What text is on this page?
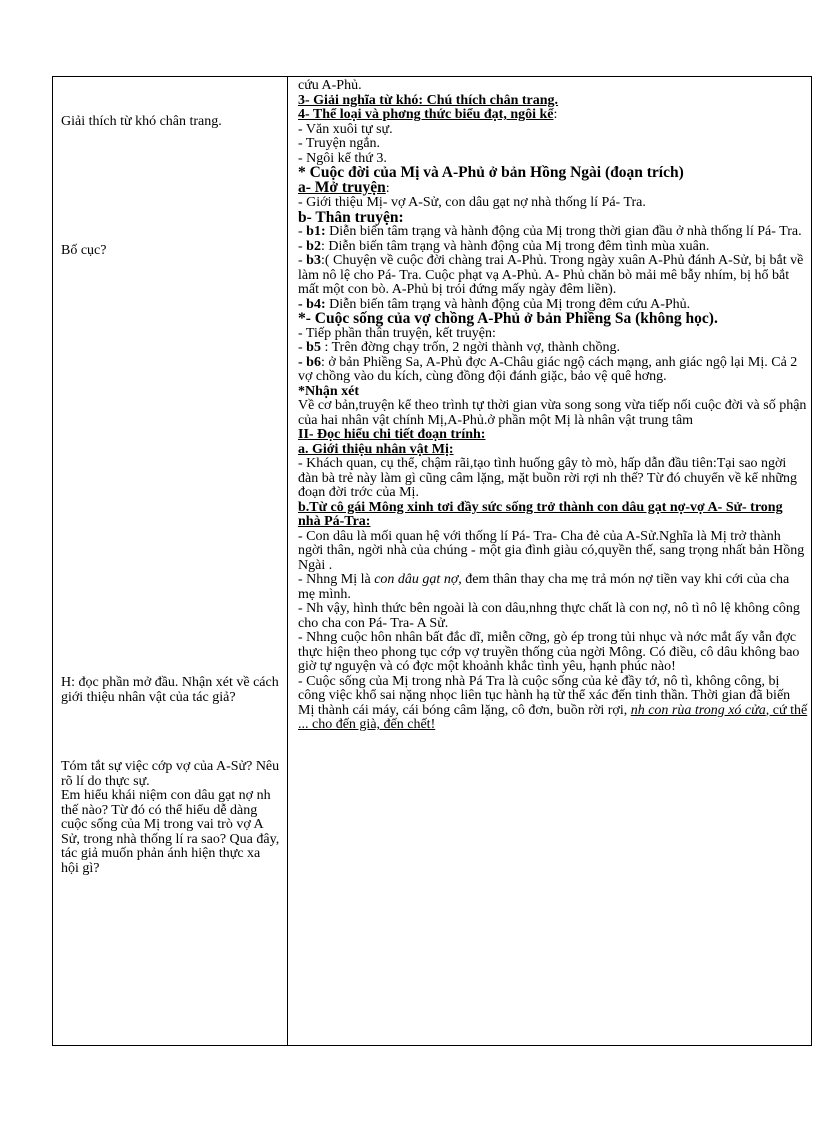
Giải thích từ khó chân trang.
Bố cục?
H: đọc phần mở đầu. Nhận xét về cách giới thiệu nhân vật của tác giả?
Tóm tắt sự việc cớp vợ của A-Sử? Nêu rõ lí do thực sự.
Em hiểu khái niệm con dâu gạt nợ nh thế nào? Từ đó có thể hiểu dễ dàng cuộc sống của Mị trong vai trò vợ A Sử, trong nhà thống lí ra sao? Qua đây, tác giả muốn phản ánh hiện thực xa hội gì?

cứu A-Phủ.

3- Giải nghĩa từ khó: Chú thích chân trang.

4- Thể loại và phơng thức biểu đạt, ngôi kể:

- Văn xuôi tự sự.

- Truyện ngắn.

- Ngôi kể thứ 3.

* Cuộc đời của Mị và A-Phủ ở bản Hồng Ngài (đoạn trích)

a- Mở truyện:

- Giới thiệu Mị- vợ A-Sử, con dâu gạt nợ nhà thống lí Pá- Tra.

b- Thân truyện:

- b1: Diễn biến tâm trạng và hành động của Mị trong thời gian đầu ở nhà thống lí Pá- Tra.

- b2: Diễn biến tâm trạng và hành động của Mị trong đêm tình mùa xuân.

- b3:( Chuyện về cuộc đời chàng trai A-Phủ. Trong ngày xuân A-Phủ đánh A-Sử, bị bắt về làm nô lệ cho Pá- Tra. Cuộc phạt vạ A-Phủ. A- Phủ chăn bò mải mê bẫy nhím, bị hổ bắt mất một con bò. A-Phủ bị trói đứng mấy ngày đêm liền).

- b4: Diễn biến tâm trạng và hành động của Mị trong đêm cứu A-Phủ.

*- Cuộc sống của vợ chồng A-Phủ ở bản Phiềng Sa (không học).

- Tiếp phần thân truyện, kết truyện:

- b5 : Trên đờng chạy trốn, 2 ngời thành vợ, thành chồng.

- b6: ở bản Phiềng Sa, A-Phủ đợc A-Châu giác ngộ cách mạng, anh giác ngộ lại Mị. Cả 2 vợ chồng vào du kích, cùng đồng đội đánh giặc, bảo vệ quê hơng.

*Nhận xét

Về cơ bản,truyện kể theo trình tự thời gian vừa song song vừa tiếp nối cuộc đời và số phận của hai nhân vật chính Mị,A-Phủ.ở phần một Mị là nhân vật trung tâm

II- Đọc hiểu chi tiết đoạn trính:

a. Giới thiệu nhân vật Mị:

- Khách quan, cụ thể, chậm rãi,tạo tình huống gây tò mò, hấp dẫn đầu tiên:Tại sao ngời đàn bà trẻ này làm gì cũng câm lặng, mặt buồn rời rợi nh thế? Từ đó chuyển về kể những đoạn đời trớc của Mị.

b.Từ cô gái Mông xinh tơi đầy sức sống trở thành con dâu gạt nợ-vợ A- Sử- trong nhà Pá-Tra:

- Con dâu là mối quan hệ với thống lí Pá- Tra- Cha đẻ của A-Sử.Nghĩa là Mị trở thành ngời thân, ngời nhà của chúng - một gia đình giàu có,quyền thế, sang trọng nhất bản Hồng Ngài .

- Nhng Mị là con dâu gạt nợ, đem thân thay cha mẹ trả món nợ tiền vay khi cới của cha mẹ mình.

- Nh vậy, hình thức bên ngoài là con dâu,nhng thực chất là con nợ, nô tì nô lệ không công cho cha con Pá- Tra- A Sử.

- Nhng cuộc hôn nhân bất đắc dĩ, miễn cỡng, gò ép trong tủi nhục và nớc mắt ấy vẫn đợc thực hiện theo phong tục cớp vợ truyền thống của ngời Mông. Có điều, cô dâu không bao giờ tự nguyện và có đợc một khoảnh khắc tình yêu, hạnh phúc nào!

- Cuộc sống của Mị trong nhà Pá Tra là cuộc sống của kẻ đầy tớ, nô tì, không công, bị công việc khổ sai nặng nhọc liên tục hành hạ từ thể xác đến tinh thần. Thời gian đã biến Mị thành cái máy, cái bóng câm lặng, cô đơn, buồn rời rợi, nh con rùa trong xó cửa, cứ thế ... cho đến già, đến chết!
